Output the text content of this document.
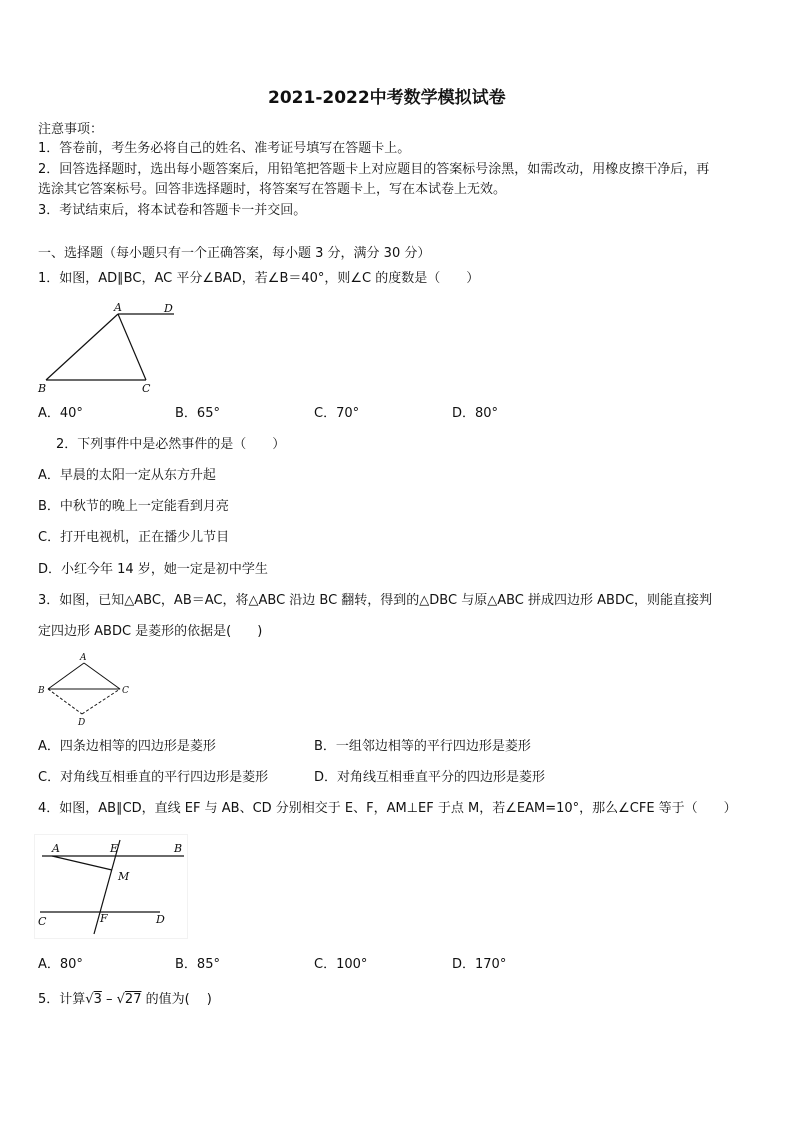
2021-2022中考数学模拟试卷
注意事项：
1．答卷前，考生务必将自己的姓名、准考证号填写在答题卡上。
2．回答选择题时，选出每小题答案后，用铅笔把答题卡上对应题目的答案标号涂黑，如需改动，用橡皮擦干净后，再
选涂其它答案标号。回答非选择题时，将答案写在答题卡上，写在本试卷上无效。
3．考试结束后，将本试卷和答题卡一并交回。
一、选择题（每小题只有一个正确答案，每小题 3 分，满分 30 分）
1．如图，AD∥BC，AC 平分∠BAD，若∠B＝40°，则∠C 的度数是（　　）
A	D
B	C
A．40°	B．65°	C．70°	D．80°
2．下列事件中是必然事件的是（　　）
A．早晨的太阳一定从东方升起
B．中秋节的晚上一定能看到月亮
C．打开电视机，正在播少儿节目
D．小红今年 14 岁，她一定是初中学生
3．如图，已知△ABC，AB＝AC，将△ABC 沿边 BC 翻转，得到的△DBC 与原△ABC 拼成四边形 ABDC，则能直接判
定四边形 ABDC 是菱形的依据是(　　)
A
B	C
D
A．四条边相等的四边形是菱形	B．一组邻边相等的平行四边形是菱形
C．对角线互相垂直的平行四边形是菱形	D．对角线互相垂直平分的四边形是菱形
4．如图，AB∥CD，直线 EF 与 AB、CD 分别相交于 E、F，AM⊥EF 于点 M，若∠EAM=10°，那么∠CFE 等于（　　）
A	E	B
M
C	F	D
A．80°	B．85°	C．100°	D．170°
5．计算√3 – √27 的值为(　 )
